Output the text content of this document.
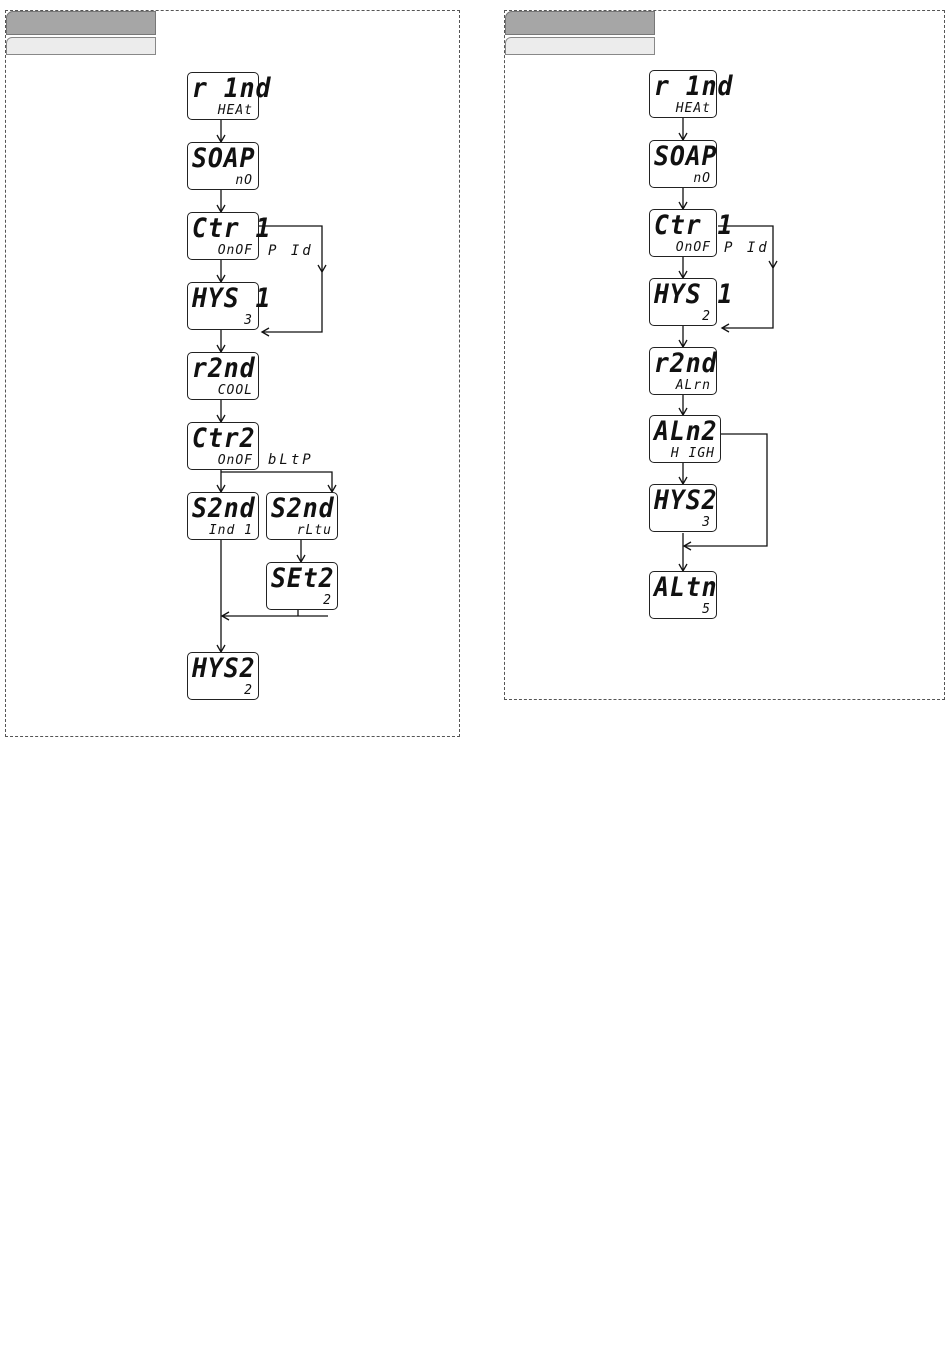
r 1nd
HEAt
SOAP
nO
Ctr 1
OnOF P Id
HYS 1
3
r2nd
COOL
Ctr2
OnOF bLtP
S2nd
Ind 1
S2nd
rLtu
SEt2
2
HYS2
2
r 1nd
HEAt
SOAP
nO
Ctr 1
OnOF P Id
HYS 1
2
r2nd
ALrn
ALn2
H IGH
HYS2
3
ALtn
5
